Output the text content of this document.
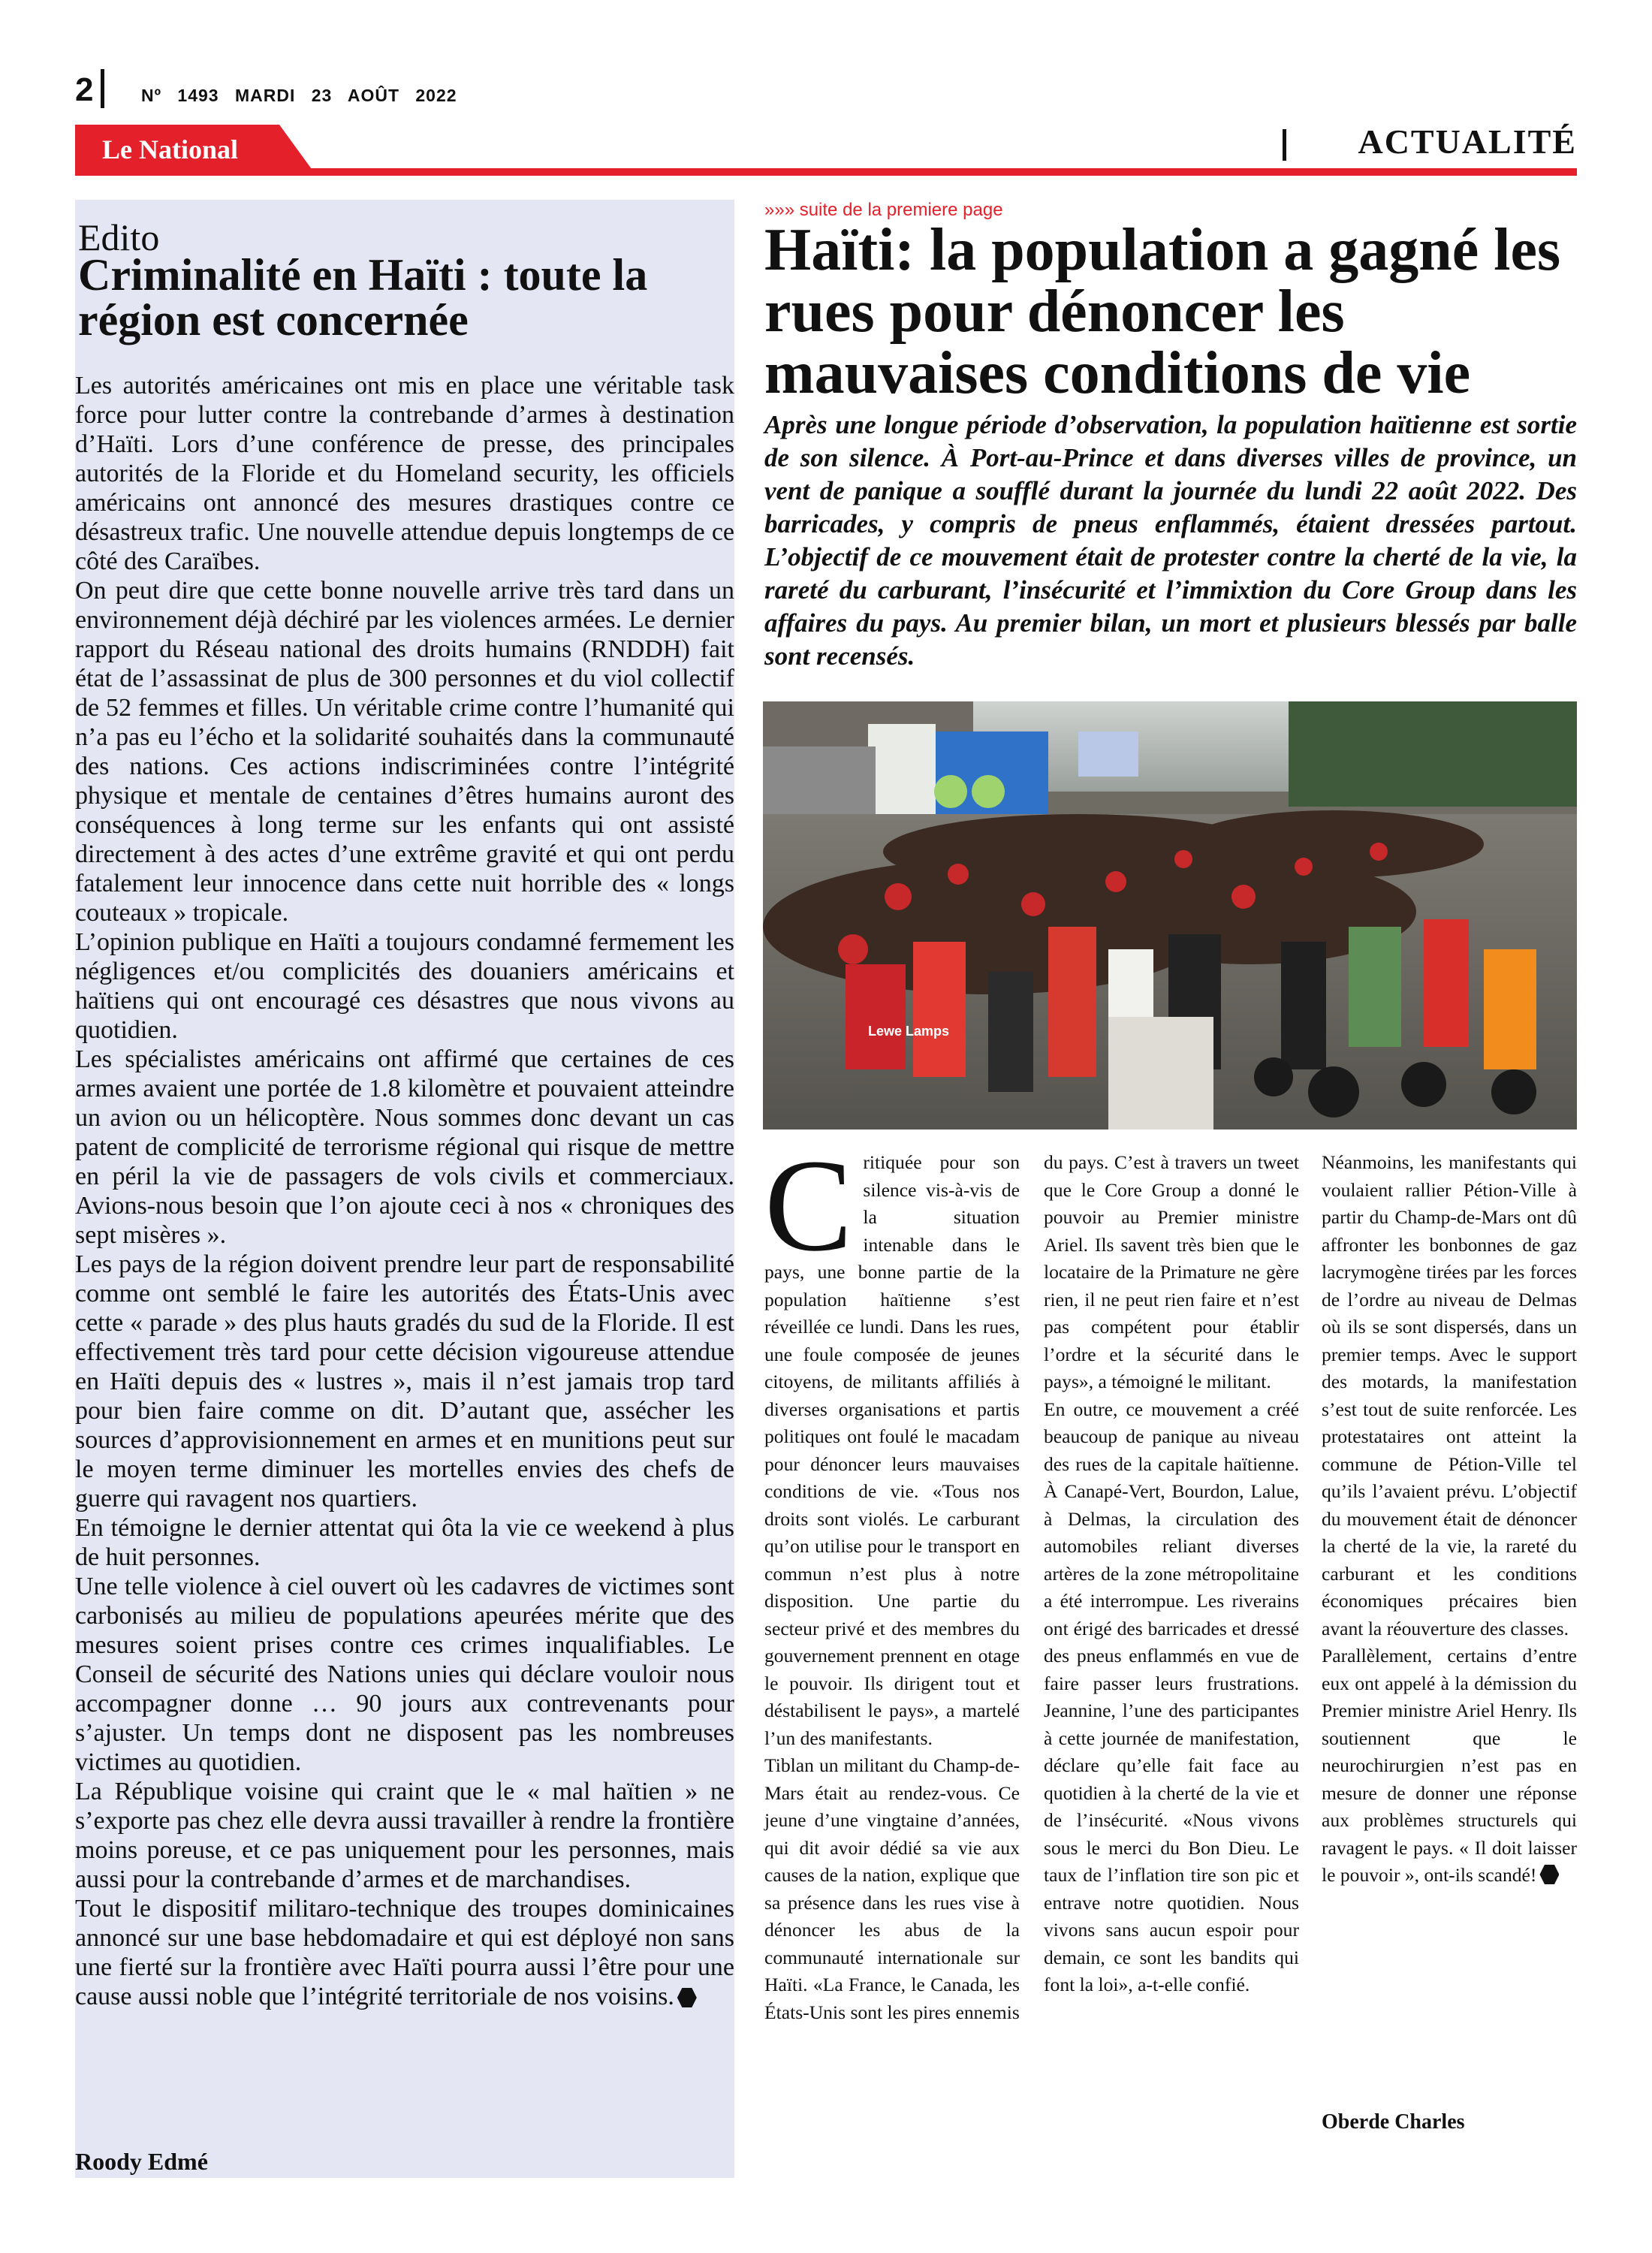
2	Nº 1493 MARDI 23 AOÛT 2022
Le National	ACTUALITÉ
Edito
Criminalité en Haïti : toute la région est concernée

Les autorités américaines ont mis en place une véritable task force pour lutter contre la contrebande d’armes à destination d’Haïti. Lors d’une conférence de presse, des principales autorités de la Floride et du Homeland security, les officiels américains ont annoncé des mesures drastiques contre ce désastreux trafic. Une nouvelle attendue depuis longtemps de ce côté des Caraïbes.

On peut dire que cette bonne nouvelle arrive très tard dans un environnement déjà déchiré par les violences armées. Le dernier rapport du Réseau national des droits humains (RNDDH) fait état de l’assassinat de plus de 300 personnes et du viol collectif de 52 femmes et filles. Un véritable crime contre l’humanité qui n’a pas eu l’écho et la solidarité souhaités dans la communauté des nations. Ces actions indiscriminées contre l’intégrité physique et mentale de centaines d’êtres humains auront des conséquences à long terme sur les enfants qui ont assisté directement à des actes d’une extrême gravité et qui ont perdu fatalement leur innocence dans cette nuit horrible des « longs couteaux » tropicale.

L’opinion publique en Haïti a toujours condamné fermement les négligences et/ou complicités des douaniers américains et haïtiens qui ont encouragé ces désastres que nous vivons au quotidien.

Les spécialistes américains ont affirmé que certaines de ces armes avaient une portée de 1.8 kilomètre et pouvaient atteindre un avion ou un hélicoptère. Nous sommes donc devant un cas patent de complicité de terrorisme régional qui risque de mettre en péril la vie de passagers de vols civils et commerciaux. Avions-nous besoin que l’on ajoute ceci à nos « chroniques des sept misères ».

Les pays de la région doivent prendre leur part de responsabilité comme ont semblé le faire les autorités des États-Unis avec cette « parade » des plus hauts gradés du sud de la Floride. Il est effectivement très tard pour cette décision vigoureuse attendue en Haïti depuis des « lustres », mais il n’est jamais trop tard pour bien faire comme on dit. D’autant que, assécher les sources d’approvisionnement en armes et en munitions peut sur le moyen terme diminuer les mortelles envies des chefs de guerre qui ravagent nos quartiers.

En témoigne le dernier attentat qui ôta la vie ce weekend à plus de huit personnes.

Une telle violence à ciel ouvert où les cadavres de victimes sont carbonisés au milieu de populations apeurées mérite que des mesures soient prises contre ces crimes inqualifiables. Le Conseil de sécurité des Nations unies qui déclare vouloir nous accompagner donne … 90 jours aux contrevenants pour s’ajuster. Un temps dont ne disposent pas les nombreuses victimes au quotidien.

La République voisine qui craint que le « mal haïtien » ne s’exporte pas chez elle devra aussi travailler à rendre la frontière moins poreuse, et ce pas uniquement pour les personnes, mais aussi pour la contrebande d’armes et de marchandises.

Tout le dispositif militaro-technique des troupes dominicaines annoncé sur une base hebdomadaire et qui est déployé non sans une fierté sur la frontière avec Haïti pourra aussi l’être pour une cause aussi noble que l’intégrité territoriale de nos voisins.

Roody Edmé
»»» suite de la premiere page
Haïti: la population a gagné les rues pour dénoncer les mauvaises conditions de vie
Après une longue période d’observation, la population haïtienne est sortie de son silence. À Port-au-Prince et dans diverses villes de province, un vent de panique a soufflé durant la journée du lundi 22 août 2022. Des barricades, y compris de pneus enflammés, étaient dressées partout. L’objectif de ce mouvement était de protester contre la cherté de la vie, la rareté du carburant, l’insécurité et l’immixtion du Core Group dans les affaires du pays. Au premier bilan, un mort et plusieurs blessés par balle sont recensés.
Lewe Lamps
C ritiquée pour son silence vis-à-vis de la situation intenable dans le pays, une bonne partie de la population haïtienne s’est réveillée ce lundi. Dans les rues, une foule composée de jeunes citoyens, de militants affiliés à diverses organisations et partis politiques ont foulé le macadam pour dénoncer leurs mauvaises conditions de vie. «Tous nos droits sont violés. Le carburant qu’on utilise pour le transport en commun n’est plus à notre disposition. Une partie du secteur privé et des membres du gouvernement prennent en otage le pouvoir. Ils dirigent tout et déstabilisent le pays», a martelé l’un des manifestants.

Tiblan un militant du Champ-de-Mars était au rendez-vous. Ce jeune d’une vingtaine d’années, qui dit avoir dédié sa vie aux causes de la nation, explique que sa présence dans les rues vise à dénoncer les abus de la communauté internationale sur Haïti. «La France, le Canada, les États-Unis sont les pires ennemis

du pays. C’est à travers un tweet que le Core Group a donné le pouvoir au Premier ministre Ariel. Ils savent très bien que le locataire de la Primature ne gère rien, il ne peut rien faire et n’est pas compétent pour établir l’ordre et la sécurité dans le pays», a témoigné le militant.

En outre, ce mouvement a créé beaucoup de panique au niveau des rues de la capitale haïtienne. À Canapé-Vert, Bourdon, Lalue, à Delmas, la circulation des automobiles reliant diverses artères de la zone métropolitaine a été interrompue. Les riverains ont érigé des barricades et dressé des pneus enflammés en vue de faire passer leurs frustrations. Jeannine, l’une des participantes à cette journée de manifestation, déclare qu’elle fait face au quotidien à la cherté de la vie et de l’insécurité. «Nous vivons sous le merci du Bon Dieu. Le taux de l’inflation tire son pic et entrave notre quotidien. Nous vivons sans aucun espoir pour demain, ce sont les bandits qui font la loi», a-t-elle confié.

Néanmoins, les manifestants qui voulaient rallier Pétion-Ville à partir du Champ-de-Mars ont dû affronter les bonbonnes de gaz lacrymogène tirées par les forces de l’ordre au niveau de Delmas où ils se sont dispersés, dans un premier temps. Avec le support des motards, la manifestation s’est tout de suite renforcée. Les protestataires ont atteint la commune de Pétion-Ville tel qu’ils l’avaient prévu. L’objectif du mouvement était de dénoncer la cherté de la vie, la rareté du carburant et les conditions économiques précaires bien avant la réouverture des classes.

Parallèlement, certains d’entre eux ont appelé à la démission du Premier ministre Ariel Henry. Ils soutiennent que le neurochirurgien n’est pas en mesure de donner une réponse aux problèmes structurels qui ravagent le pays. « Il doit laisser le pouvoir », ont-ils scandé!

Oberde Charles
